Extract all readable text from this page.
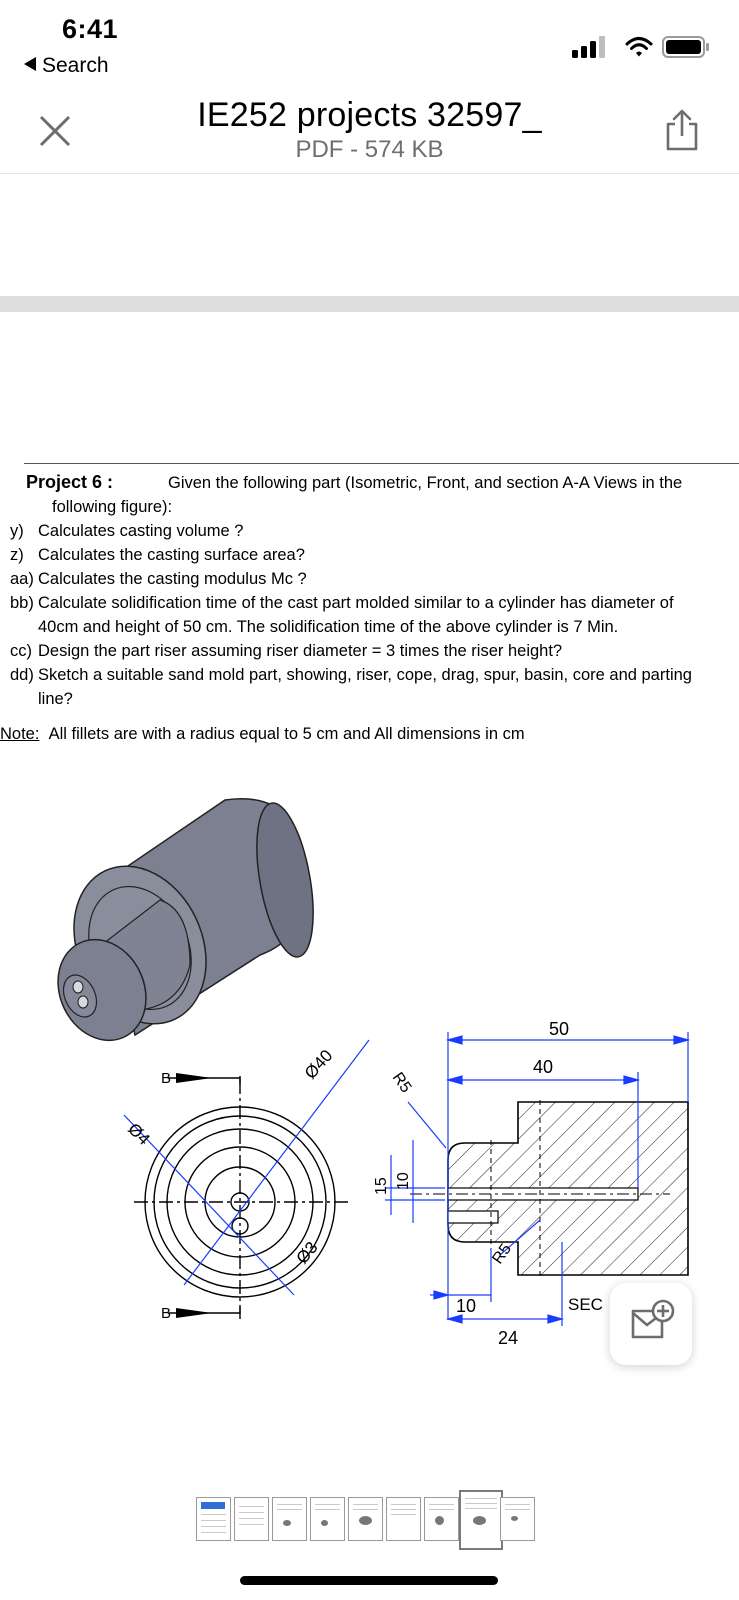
6:41
Search
IE252 projects 32597_
PDF - 574 KB
Project 6 :	Given the following part (Isometric, Front, and section A-A Views in the
following figure):
y) Calculates casting volume ?
z) Calculates the casting surface area?
aa) Calculates the casting modulus Mc ?
bb) Calculate solidification time of the cast part molded similar to a cylinder has diameter of
40cm and height of 50 cm. The solidification time of the above cylinder is 7 Min.
cc) Design the part riser assuming riser diameter = 3 times the riser height?
dd) Sketch a suitable sand mold part, showing, riser, cope, drag, spur, basin, core and parting
line?
Note: All fillets are with a radius equal to 5 cm and All dimensions in cm
B
B
Ø4
Ø40
Ø3
50
40
R5
15 10
R5
10
24
SEC
